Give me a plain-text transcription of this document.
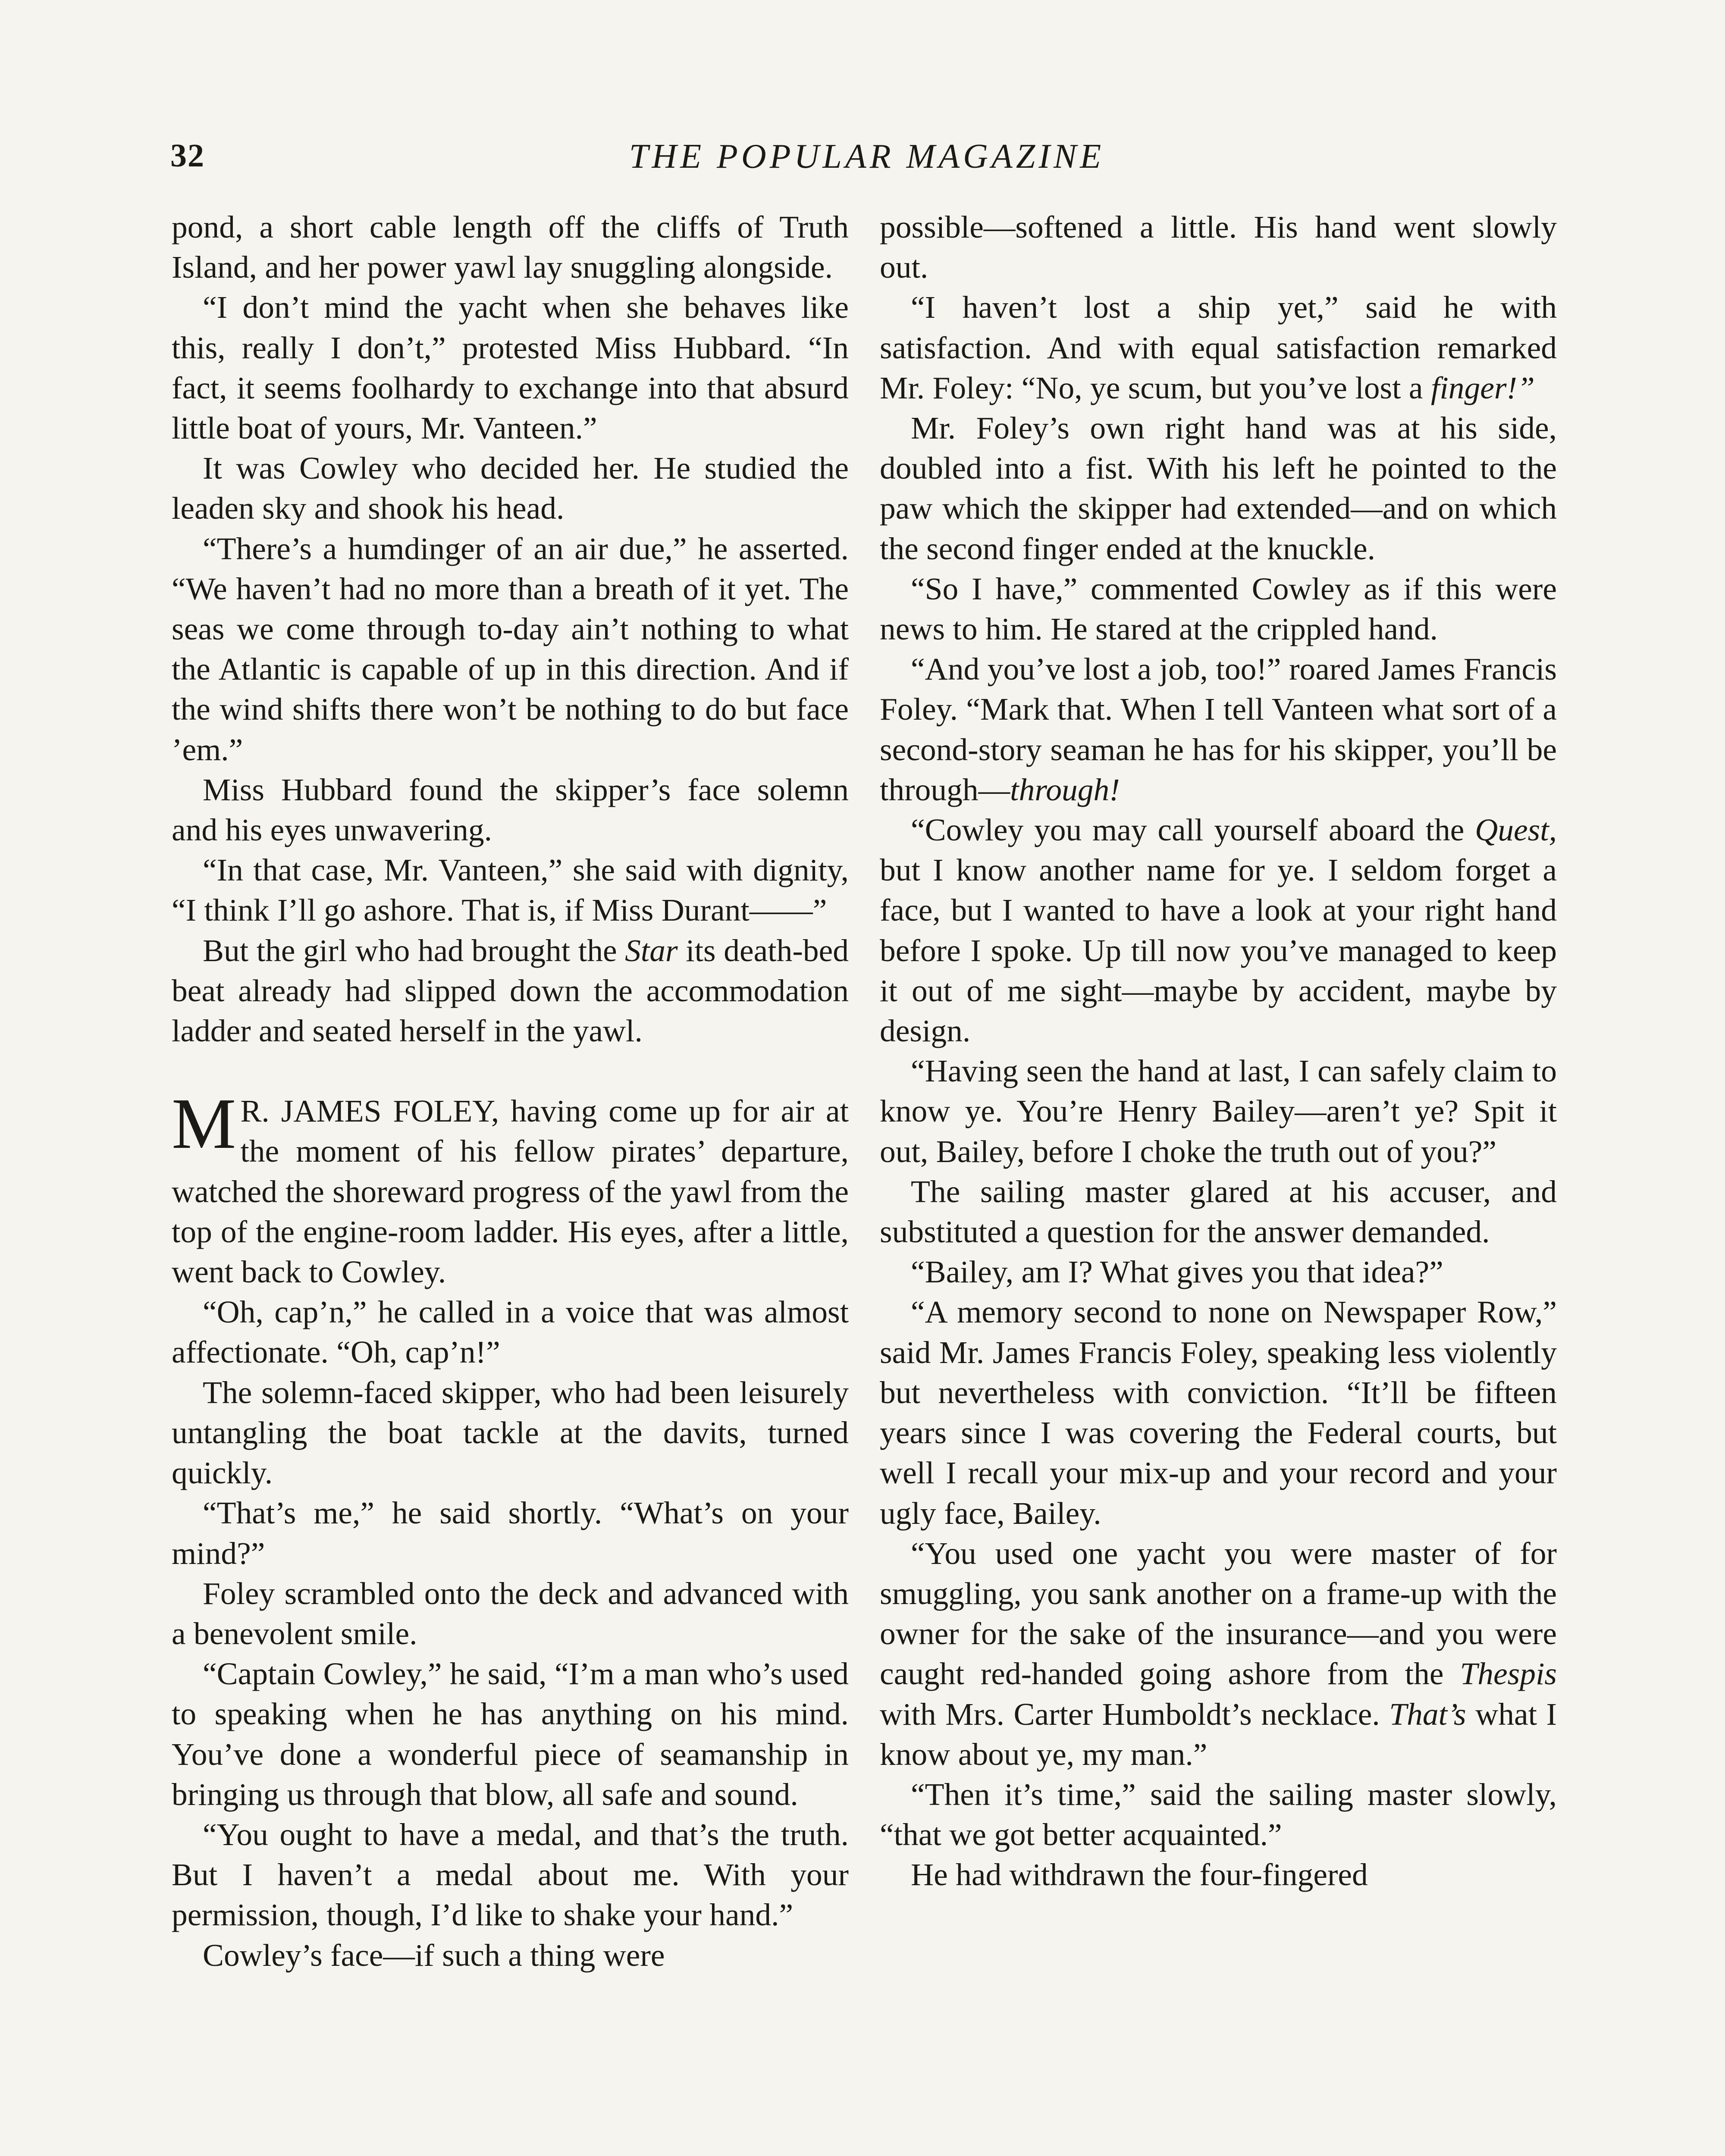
32	THE POPULAR MAGAZINE

pond, a short cable length off the cliffs of Truth Island, and her power yawl lay snuggling alongside.

“I don’t mind the yacht when she behaves like this, really I don’t,” protested Miss Hubbard. “In fact, it seems foolhardy to exchange into that absurd little boat of yours, Mr. Vanteen.”

It was Cowley who decided her. He studied the leaden sky and shook his head.

“There’s a humdinger of an air due,” he asserted. “We haven’t had no more than a breath of it yet. The seas we come through to-day ain’t nothing to what the Atlantic is capable of up in this direction. And if the wind shifts there won’t be nothing to do but face ’em.”

Miss Hubbard found the skipper’s face solemn and his eyes unwavering.

“In that case, Mr. Vanteen,” she said with dignity, “I think I’ll go ashore. That is, if Miss Durant——”

But the girl who had brought the Star its death-bed beat already had slipped down the accommodation ladder and seated herself in the yawl.

M R. JAMES FOLEY, having come up for air at the moment of his fellow pirates’ departure, watched the shoreward progress of the yawl from the top of the engine-room ladder. His eyes, after a little, went back to Cowley.

“Oh, cap’n,” he called in a voice that was almost affectionate. “Oh, cap’n!”

The solemn-faced skipper, who had been leisurely untangling the boat tackle at the davits, turned quickly.

“That’s me,” he said shortly. “What’s on your mind?”

Foley scrambled onto the deck and advanced with a benevolent smile.

“Captain Cowley,” he said, “I’m a man who’s used to speaking when he has anything on his mind. You’ve done a wonderful piece of seamanship in bringing us through that blow, all safe and sound.

“You ought to have a medal, and that’s the truth. But I haven’t a medal about me. With your permission, though, I’d like to shake your hand.”

Cowley’s face—if such a thing were

possible—softened a little. His hand went slowly out.

“I haven’t lost a ship yet,” said he with satisfaction. And with equal satisfaction remarked Mr. Foley: “No, ye scum, but you’ve lost a finger!”

Mr. Foley’s own right hand was at his side, doubled into a fist. With his left he pointed to the paw which the skipper had extended—and on which the second finger ended at the knuckle.

“So I have,” commented Cowley as if this were news to him. He stared at the crippled hand.

“And you’ve lost a job, too!” roared James Francis Foley. “Mark that. When I tell Vanteen what sort of a second-story seaman he has for his skipper, you’ll be through—through!

“Cowley you may call yourself aboard the Quest, but I know another name for ye. I seldom forget a face, but I wanted to have a look at your right hand before I spoke. Up till now you’ve managed to keep it out of me sight—maybe by accident, maybe by design.

“Having seen the hand at last, I can safely claim to know ye. You’re Henry Bailey—aren’t ye? Spit it out, Bailey, before I choke the truth out of you?”

The sailing master glared at his accuser, and substituted a question for the answer demanded.

“Bailey, am I? What gives you that idea?”

“A memory second to none on Newspaper Row,” said Mr. James Francis Foley, speaking less violently but nevertheless with conviction. “It’ll be fifteen years since I was covering the Federal courts, but well I recall your mix-up and your record and your ugly face, Bailey.

“You used one yacht you were master of for smuggling, you sank another on a frame-up with the owner for the sake of the insurance—and you were caught red-handed going ashore from the Thespis with Mrs. Carter Humboldt’s necklace. That’s what I know about ye, my man.”

“Then it’s time,” said the sailing master slowly, “that we got better acquainted.”

He had withdrawn the four-fingered
